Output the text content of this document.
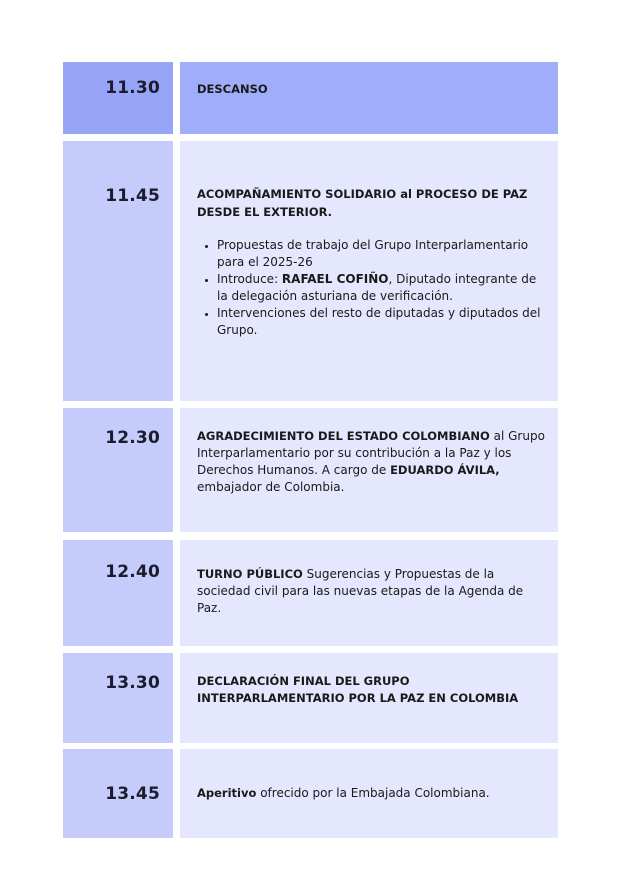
11.30	DESCANSO
11.45	ACOMPAÑAMIENTO SOLIDARIO al PROCESO DE PAZ DESDE EL EXTERIOR.
• Propuestas de trabajo del Grupo Interparlamentario para el 2025-26
• Introduce: RAFAEL COFIÑO, Diputado integrante de la delegación asturiana de verificación.
• Intervenciones del resto de diputadas y diputados del Grupo.
12.30	AGRADECIMIENTO DEL ESTADO COLOMBIANO al Grupo Interparlamentario por su contribución a la Paz y los Derechos Humanos. A cargo de EDUARDO ÁVILA, embajador de Colombia.
12.40	TURNO PÚBLICO Sugerencias y Propuestas de la sociedad civil para las nuevas etapas de la Agenda de Paz.
13.30	DECLARACIÓN FINAL DEL GRUPO INTERPARLAMENTARIO POR LA PAZ EN COLOMBIA
13.45	Aperitivo ofrecido por la Embajada Colombiana.
